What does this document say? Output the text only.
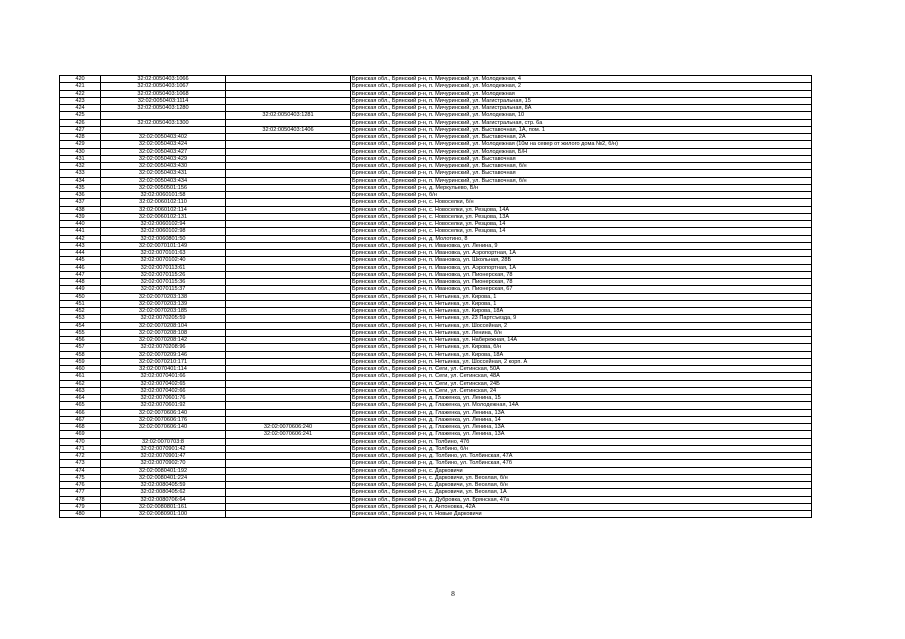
420	32:02:0050403:1066		Брянская обл., Брянский р-н, п. Мичуринский, ул. Молодежная, 4
421	32:02:0050403:1067		Брянская обл., Брянский р-н, п. Мичуринский, ул. Молодежная, 2
422	32:02:0050403:1068		Брянская обл., Брянский р-н, п. Мичуринский, ул. Молодежная
423	32:02:0050403:1114		Брянская обл., Брянский р-н, п. Мичуринский, ул. Магистральная, 15
424	32:02:0050403:1280		Брянская обл., Брянский р-н, п. Мичуринский, ул. Магистральная, 8А
425		32:02:0050403:1281	Брянская обл., Брянский р-н, п. Мичуринский, ул. Молодежная, 10
426	32:02:0050403:1300		Брянская обл., Брянский р-н, п. Мичуринский, ул. Магистральная, стр. 6а
427		32:02:0050403:1406	Брянская обл., Брянский р-н, п. Мичуринский, ул. Выставочная, 1А, пом. 1
428	32:02:0050403:402		Брянская обл., Брянский р-н, п. Мичуринский, ул. Выставочная, 2А
429	32:02:0050403:424		Брянская обл., Брянский р-н, п. Мичуринский, ул. Молодежная (10м на север от жилого дома №2, б/н)
430	32:02:0050403:427		Брянская обл., Брянский р-н, п. Мичуринский, ул. Молодежная, Б/Н
431	32:02:0050403:429		Брянская обл., Брянский р-н, п. Мичуринский, ул. Выставочная
432	32:02:0050403:430		Брянская обл., Брянский р-н, п. Мичуринский, ул. Выставочная, б/н
433	32:02:0050403:431		Брянская обл., Брянский р-н, п. Мичуринский, ул. Выставочная
434	32:02:0050403:434		Брянская обл., Брянский р-н, п. Мичуринский, ул. Выставочная, б/н
435	32:02:0050501:156		Брянская обл., Брянский р-н, д. Меркульево, Б/н
436	32:02:0060101:58		Брянская обл., Брянский р-н, б/н
437	32:02:0060102:110		Брянская обл., Брянский р-н, с. Новоселки, б/н
438	32:02:0060102:114		Брянская обл., Брянский р-н, с. Новоселки, ул. Резцова, 14А
439	32:02:0060102:131		Брянская обл., Брянский р-н, с. Новоселки, ул. Резцова, 13А
440	32:02:0060102:94		Брянская обл., Брянский р-н, с. Новоселки, ул. Резцова, 14
441	32:02:0060102:98		Брянская обл., Брянский р-н, с. Новоселки, ул. Резцова, 14
442	32:02:0060801:50		Брянская обл., Брянский р-н, д. Молотино, 8
443	32:02:0070101:149		Брянская обл., Брянский р-н, п. Ивановка, ул. Ленина, 9
444	32:02:0070101:63		Брянская обл., Брянский р-н, п. Ивановка, ул. Аэропортная, 1А
445	32:02:0070102:40		Брянская обл., Брянский р-н, п. Ивановка, ул. Школьная, 28Б
446	32:02:0070113:61		Брянская обл., Брянский р-н, п. Ивановка, ул. Аэропортная, 1А
447	32:02:0070115:26		Брянская обл., Брянский р-н, п. Ивановка, ул. Пионерская, 78
448	32:02:0070115:36		Брянская обл., Брянский р-н, п. Ивановка, ул. Пионерская, 78
449	32:02:0070115:37		Брянская обл., Брянский р-н, п. Ивановка, ул. Пионерская, 67
450	32:02:0070203:138		Брянская обл., Брянский р-н, п. Нетьинка, ул. Кирова, 1
451	32:02:0070203:139		Брянская обл., Брянский р-н, п. Нетьинка, ул. Кирова, 1
452	32:02:0070203:185		Брянская обл., Брянский р-н, п. Нетьинка, ул. Кирова, 18А
453	32:02:0070205:59		Брянская обл., Брянский р-н, п. Нетьинка, ул. 23 Партсъезда, 9
454	32:02:0070208:104		Брянская обл., Брянский р-н, п. Нетьинка, ул. Шоссейная, 2
455	32:02:0070208:108		Брянская обл., Брянский р-н, п. Нетьинка, ул. Ленина, б/н
456	32:02:0070208:142		Брянская обл., Брянский р-н, п. Нетьинка, ул. Набережная, 14А
457	32:02:0070208:96		Брянская обл., Брянский р-н, п. Нетьинка, ул. Кирова, б/н
458	32:02:0070209:146		Брянская обл., Брянский р-н, п. Нетьинка, ул. Кирова, 18А
459	32:02:0070210:171		Брянская обл., Брянский р-н, п. Нетьинка, ул. Шоссейная, 2 корп. А
460	32:02:0070401:114		Брянская обл., Брянский р-н, п. Сеги, ул. Сетинская, 50А
461	32:02:0070401:66		Брянская обл., Брянский р-н, п. Сеги, ул. Сетинская, 48А
462	32:02:0070402:65		Брянская обл., Брянский р-н, п. Сеги, ул. Сетинская, 24Б
463	32:02:0070402:66		Брянская обл., Брянский р-н, п. Сеги, ул. Сетинская, 24
464	32:02:0070601:76		Брянская обл., Брянский р-н, д. Глаженка, ул. Ленина, 15
465	32:02:0070601:92		Брянская обл., Брянский р-н, д. Глаженка, ул. Молодежная, 14А
466	32:02:0070606:140		Брянская обл., Брянский р-н, д. Глаженка, ул. Ленина, 13А
467	32:02:0070606:176		Брянская обл., Брянский р-н, д. Глаженка, ул. Ленина, 14
468	32:02:0070606:140	32:02:0070606:240	Брянская обл., Брянский р-н, д. Глаженка, ул. Ленина, 13А
469		32:02:0070606:241	Брянская обл., Брянский р-н, д. Глаженка, ул. Ленина, 13А
470	32:02:0070703:8		Брянская обл., Брянский р-н, п. Толбино, 47б
471	32:02:0070901:42		Брянская обл., Брянский р-н, д. Толбино, б/н
472	32:02:0070901:47		Брянская обл., Брянский р-н, д. Толбино, ул. Толбинская, 47А
473	32:02:0070902:70		Брянская обл., Брянский р-н, д. Толбино, ул. Толбинская, 47б
474	32:02:0080401:192		Брянская обл., Брянский р-н, с. Дарковичи
475	32:02:0080401:224		Брянская обл., Брянский р-н, с. Дарковичи, ул. Веселая, б/н
476	32:02:0080405:59		Брянская обл., Брянский р-н, с. Дарковичи, ул. Веселая, б/н
477	32:02:0080405:62		Брянская обл., Брянский р-н, с. Дарковичи, ул. Веселая, 1А
478	32:02:0080706:64		Брянская обл., Брянский р-н, д. Дубровка, ул. Брянская, 47а
479	32:02:0080801:161		Брянская обл., Брянский р-н, п. Антоновка, 42А
480	32:02:0080901:100		Брянская обл., Брянский р-н, п. Новые Дарковичи
8
